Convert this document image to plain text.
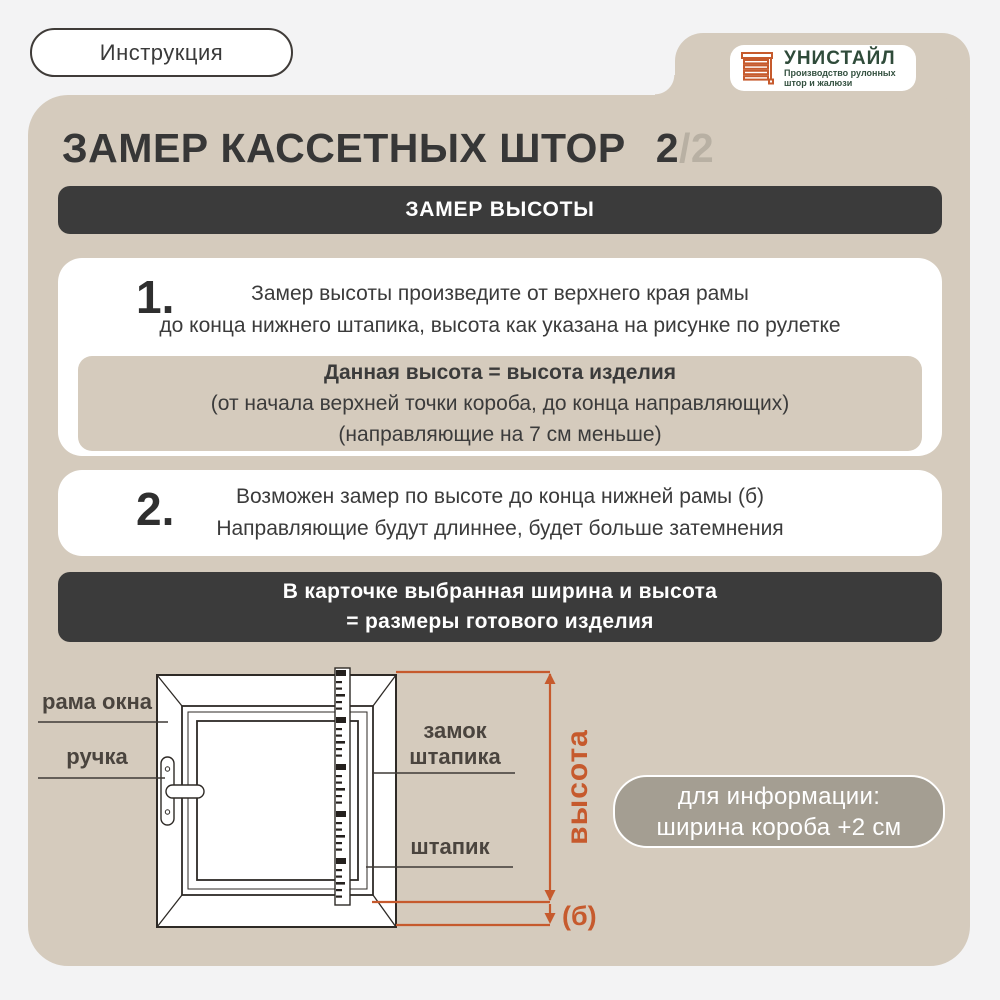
Инструкция	УНИСТАЙЛ
Производство рулонных
штор и жалюзи
ЗАМЕР КАССЕТНЫХ ШТОР 2 /2
ЗАМЕР ВЫСОТЫ
1.	Замер высоты произведите от верхнего края рамы
до конца нижнего штапика, высота как указана на рисунке по рулетке
Данная высота = высота изделия
(от начала верхней точки короба, до конца направляющих)
(направляющие на 7 см меньше)
2.	Возможен замер по высоте до конца нижней рамы (б)
Направляющие будут длиннее, будет больше затемнения
В карточке выбранная ширина и высота
= размеры готового изделия
рама окна
ручка
замок
штапика
штапик
высота
(б)
для информации:
ширина короба +2 см
